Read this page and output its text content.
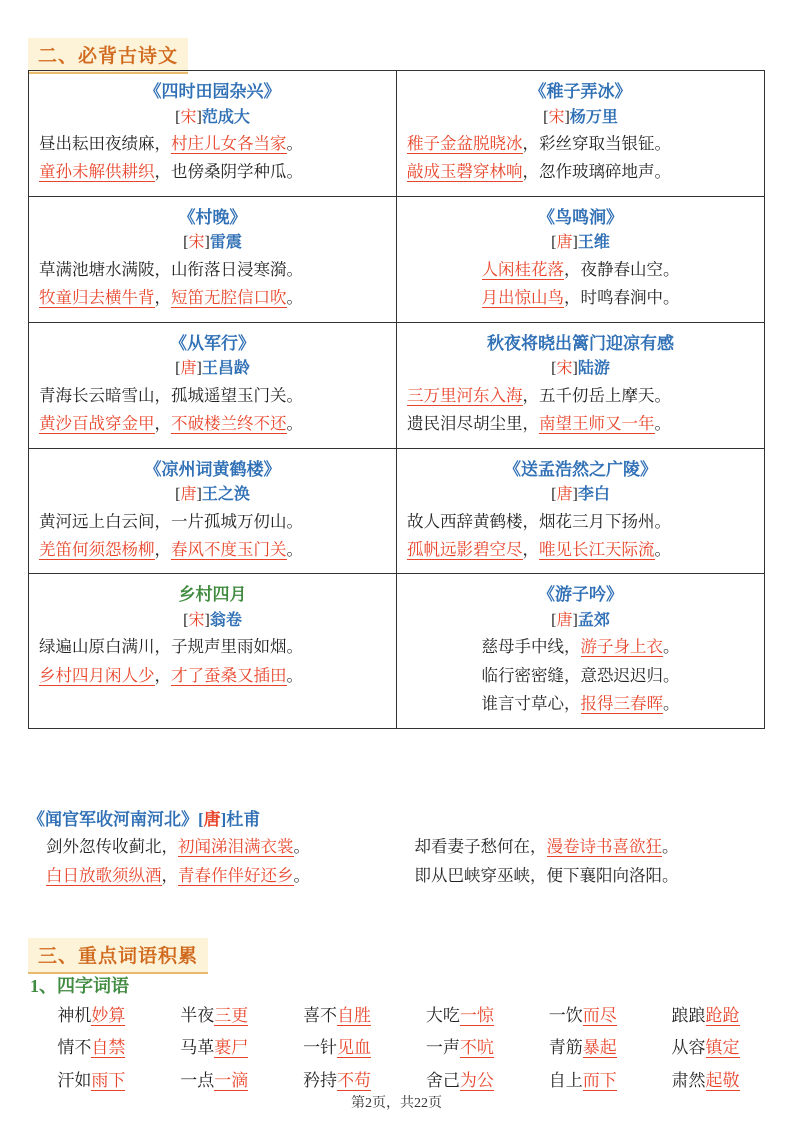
二、必背古诗文
《四时田园杂兴》
[宋]范成大
昼出耘田夜绩麻，村庄儿女各当家。
童孙未解供耕织，也傍桑阴学种瓜。

《稚子弄冰》
[宋]杨万里
稚子金盆脱晓冰，彩丝穿取当银钲。
敲成玉磬穿林响，忽作玻璃碎地声。

《村晚》
[宋]雷震
草满池塘水满陂，山衔落日浸寒漪。
牧童归去横牛背，短笛无腔信口吹。

《鸟鸣涧》
[唐]王维
人闲桂花落，夜静春山空。
月出惊山鸟，时鸣春涧中。

《从军行》
[唐]王昌龄
青海长云暗雪山，孤城遥望玉门关。
黄沙百战穿金甲，不破楼兰终不还。

秋夜将晓出篱门迎凉有感
[宋]陆游
三万里河东入海，五千仞岳上摩天。
遗民泪尽胡尘里，南望王师又一年。

《凉州词黄鹤楼》
[唐]王之涣
黄河远上白云间，一片孤城万仞山。
羌笛何须怨杨柳，春风不度玉门关。

《送孟浩然之广陵》
[唐]李白
故人西辞黄鹤楼，烟花三月下扬州。
孤帆远影碧空尽，唯见长江天际流。

乡村四月
[宋]翁卷
绿遍山原白满川，子规声里雨如烟。
乡村四月闲人少，才了蚕桑又插田。

《游子吟》
[唐]孟郊
慈母手中线，游子身上衣。
临行密密缝，意恐迟迟归。
谁言寸草心，报得三春晖。
《闻官军收河南河北》[唐]杜甫
剑外忽传收蓟北，初闻涕泪满衣裳。
白日放歌须纵酒，青春作伴好还乡。
却看妻子愁何在，漫卷诗书喜欲狂。
即从巴峡穿巫峡，便下襄阳向洛阳。
三、重点词语积累
1、四字词语
神机妙算	半夜三更	喜不自胜	大吃一惊	一饮而尽	踉踉跄跄
情不自禁	马革裹尸	一针见血	一声不吭	青筋暴起	从容镇定
汗如雨下	一点一滴	矜持不苟	舍己为公	自上而下	肃然起敬
第2页，共22页
